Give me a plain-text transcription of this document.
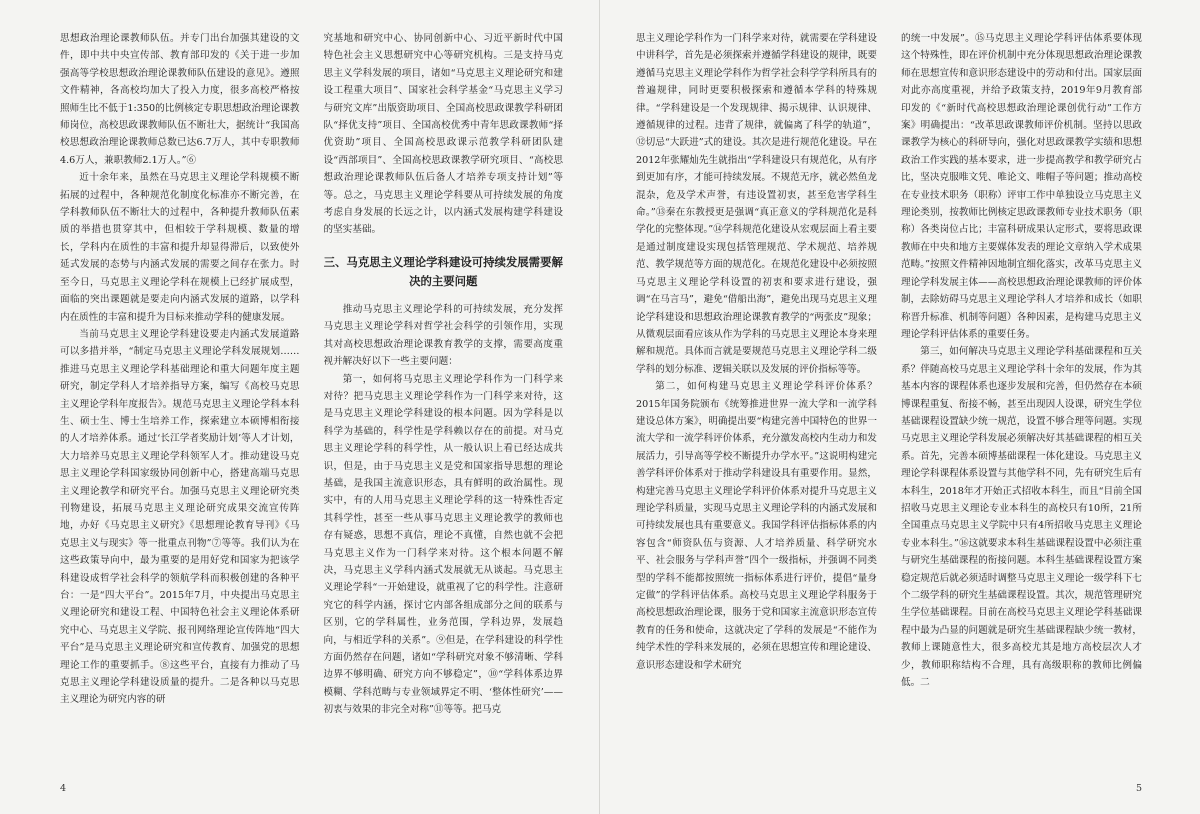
思想政治理论课教师队伍。并专门出台加强其建设的文件，即中共中央宣传部、教育部印发的《关于进一步加强高等学校思想政治理论课教师队伍建设的意见》。遵照文件精神，各高校均加大了投入力度，很多高校严格按照师生比不低于1:350的比例核定专职思想政治理论课教师岗位，高校思政课教师队伍不断壮大，据统计“我国高校思想政治理论课教师总数已达6.7万人，其中专职教师4.6万人，兼职教师2.1万人。”⑥

近十余年来，虽然在马克思主义理论学科规模不断拓展的过程中，各种规范化制度化标准亦不断完善，在学科教师队伍不断壮大的过程中，各种提升教师队伍素质的举措也贯穿其中，但相较于学科规模、数量的增长，学科内在质性的丰富和提升却显得滞后，以致使外延式发展的态势与内涵式发展的需要之间存在张力。时至今日，马克思主义理论学科在规模上已经扩展成型，面临的突出课题就是要走向内涵式发展的道路，以学科内在质性的丰富和提升为目标来推动学科的健康发展。

当前马克思主义理论学科建设要走内涵式发展道路可以多措并举，“制定马克思主义理论学科发展规划……推进马克思主义理论学科基础理论和重大问题年度主题研究，制定学科人才培养指导方案，编写《高校马克思主义理论学科年度报告》。规范马克思主义理论学科本科生、硕士生、博士生培养工作，探索建立本硕博相衔接的人才培养体系。通过‘长江学者奖励计划’等人才计划，大力培养马克思主义理论学科领军人才。推动建设马克思主义理论学科国家级协同创新中心，搭建高端马克思主义理论教学和研究平台。加强马克思主义理论研究类刊物建设，拓展马克思主义理论研究成果交流宣传阵地，办好《马克思主义研究》《思想理论教育导刊》《马克思主义与现实》等一批重点刊物”⑦等等。我们认为在这些政策导向中，最为重要的是用好党和国家为把该学科建设成哲学社会科学的领航学科而积极创建的各种平台：一是“四大平台”。2015年7月，中央提出马克思主义理论研究和建设工程、中国特色社会主义理论体系研究中心、马克思主义学院、报刊网络理论宣传阵地“四大平台”是马克思主义理论研究和宣传教育、加强党的思想理论工作的重要抓手。⑧这些平台，直接有力推动了马克思主义理论学科建设质量的提升。二是各种以马克思主义理论为研究内容的研

究基地和研究中心、协同创新中心、习近平新时代中国特色社会主义思想研究中心等研究机构。三是支持马克思主义学科发展的项目，诸如“马克思主义理论研究和建设工程重大项目”、国家社会科学基金“马克思主义学习与研究文库”出版资助项目、全国高校思政课教学科研团队“择优支持”项目、全国高校优秀中青年思政课教师“择优资助”项目、全国高校思政课示范教学科研团队建设“西部项目”、全国高校思政课教学研究项目、“高校思想政治理论课教师队伍后备人才培养专项支持计划”等等。总之，马克思主义理论学科要从可持续发展的角度考虑自身发展的长远之计，以内涵式发展构建学科建设的坚实基础。

三、马克思主义理论学科建设可持续发展需要解决的主要问题

推动马克思主义理论学科的可持续发展，充分发挥马克思主义理论学科对哲学社会科学的引领作用，实现其对高校思想政治理论课教育教学的支撑，需要高度重视并解决好以下一些主要问题：

第一，如何将马克思主义理论学科作为一门科学来对待？把马克思主义理论学科作为一门科学来对待，这是马克思主义理论学科建设的根本问题。因为学科是以科学为基础的，科学性是学科赖以存在的前提。对马克思主义理论学科的科学性，从一般认识上看已经达成共识，但是，由于马克思主义是党和国家指导思想的理论基础，是我国主流意识形态，具有鲜明的政治属性。现实中，有的人用马克思主义理论学科的这一特殊性否定其科学性，甚至一些从事马克思主义理论教学的教师也存有疑惑，思想不真信，理论不真懂，自然也就不会把马克思主义作为一门科学来对待。这个根本问题不解决，马克思主义学科内涵式发展就无从谈起。马克思主义理论学科“一开始建设，就重视了它的科学性。注意研究它的科学内涵，探讨它内部各组成部分之间的联系与区别，它的学科属性，业务范围，学科边界，发展趋向，与相近学科的关系”。⑨但是，在学科建设的科学性方面仍然存在问题，诸如“学科研究对象不够清晰、学科边界不够明确、研究方向不够稳定”，⑩“学科体系边界模糊、学科范畴与专业领域界定不明、‘整体性研究’——初衷与效果的非完全对称”⑪等等。把马克

4

思主义理论学科作为一门科学来对待，就需要在学科建设中讲科学，首先是必须探索并遵循学科建设的规律，既要遵循马克思主义理论学科作为哲学社会科学学科所具有的普遍规律，同时更要积极探索和遵循本学科的特殊规律。“学科建设是一个发现规律、揭示规律、认识规律、遵循规律的过程。违背了规律，就偏离了科学的轨道”，⑫切忌“大跃进”式的建设。其次是进行规范化建设。早在2012年张耀灿先生就指出“学科建设只有规范化，从有序到更加有序，才能可持续发展。不规范无序，就必然鱼龙混杂，危及学术声誉，有违设置初衷，甚至危害学科生命。”⑬秦在东教授更是强调“真正意义的学科规范化是科学化的完整体现。”⑭学科规范化建设从宏观层面上看主要是通过制度建设实现包括管理规范、学术规范、培养规范、教学规范等方面的规范化。在规范化建设中必须按照马克思主义理论学科设置的初衷和要求进行建设，强调“在马言马”，避免“借船出海”，避免出现马克思主义理论学科建设和思想政治理论课教育教学的“两张皮”现象；从微观层面看应该从作为学科的马克思主义理论本身来理解和规范。具体而言就是要规范马克思主义理论学科二级学科的划分标准、逻辑关联以及发展的评价指标等等。

第二，如何构建马克思主义理论学科评价体系？2015年国务院颁布《统筹推进世界一流大学和一流学科建设总体方案》，明确提出要“构建完善中国特色的世界一流大学和一流学科评价体系，充分激发高校内生动力和发展活力，引导高等学校不断提升办学水平。”这说明构建完善学科评价体系对于推动学科建设具有重要作用。显然，构建完善马克思主义理论学科评价体系对提升马克思主义理论学科质量，实现马克思主义理论学科的内涵式发展和可持续发展也具有重要意义。我国学科评估指标体系的内容包含“师资队伍与资源、人才培养质量、科学研究水平、社会服务与学科声誉”四个一级指标，并强调不同类型的学科不能都按照统一指标体系进行评价，提倡“量身定做”的学科评估体系。高校马克思主义理论学科服务于高校思想政治理论课，服务于党和国家主流意识形态宣传教育的任务和使命，这就决定了学科的发展是“不能作为纯学术性的学科来发展的，必须在思想宣传和理论建设、意识形态建设和学术研究

的统一中发展”。⑮马克思主义理论学科评估体系要体现这个特殊性，即在评价机制中充分体现思想政治理论课教师在思想宣传和意识形态建设中的劳动和付出。国家层面对此亦高度重视，并给予政策支持，2019年9月教育部印发的《“新时代高校思想政治理论课创优行动”工作方案》明确提出：“改革思政课教师评价机制。坚持以思政课教学为核心的科研导向，强化对思政课教学实绩和思想政治工作实践的基本要求，进一步提高教学和教学研究占比，坚决克服唯文凭、唯论文、唯帽子等问题；推动高校在专业技术职务（职称）评审工作中单独设立马克思主义理论类别，按教师比例核定思政课教师专业技术职务（职称）各类岗位占比；丰富科研成果认定形式，要将思政课教师在中央和地方主要媒体发表的理论文章纳入学术成果范畴。”按照文件精神因地制宜细化落实，改革马克思主义理论学科发展主体——高校思想政治理论课教师的评价体制，去除妨碍马克思主义理论学科人才培养和成长（如职称晋升标准、机制等问题）各种因素，是构建马克思主义理论学科评估体系的重要任务。

第三，如何解决马克思主义理论学科基础课程和互关系？伴随高校马克思主义理论学科十余年的发展，作为其基本内容的课程体系也逐步发展和完善，但仍然存在本硕博课程重复、衔接不畅，甚至出现因人设课，研究生学位基础课程设置缺少统一规范，设置不够合理等问题。实现马克思主义理论学科发展必须解决好其基础课程的相互关系。首先，完善本硕博基础课程一体化建设。马克思主义理论学科课程体系设置与其他学科不同，先有研究生后有本科生，2018年才开始正式招收本科生，而且“目前全国招收马克思主义理论专业本科生的高校只有10所，21所全国重点马克思主义学院中只有4所招收马克思主义理论专业本科生。”⑯这就要求本科生基础课程设置中必须注重与研究生基础课程的衔接问题。本科生基础课程设置方案稳定规范后就必须适时调整马克思主义理论一级学科下七个二级学科的研究生基础课程设置。其次，规范管理研究生学位基础课程。目前在高校马克思主义理论学科基础课程中最为凸显的问题就是研究生基础课程缺少统一教材，教师上课随意性大，很多高校尤其是地方高校层次人才少，教师职称结构不合理，具有高级职称的教师比例偏低。二

5
